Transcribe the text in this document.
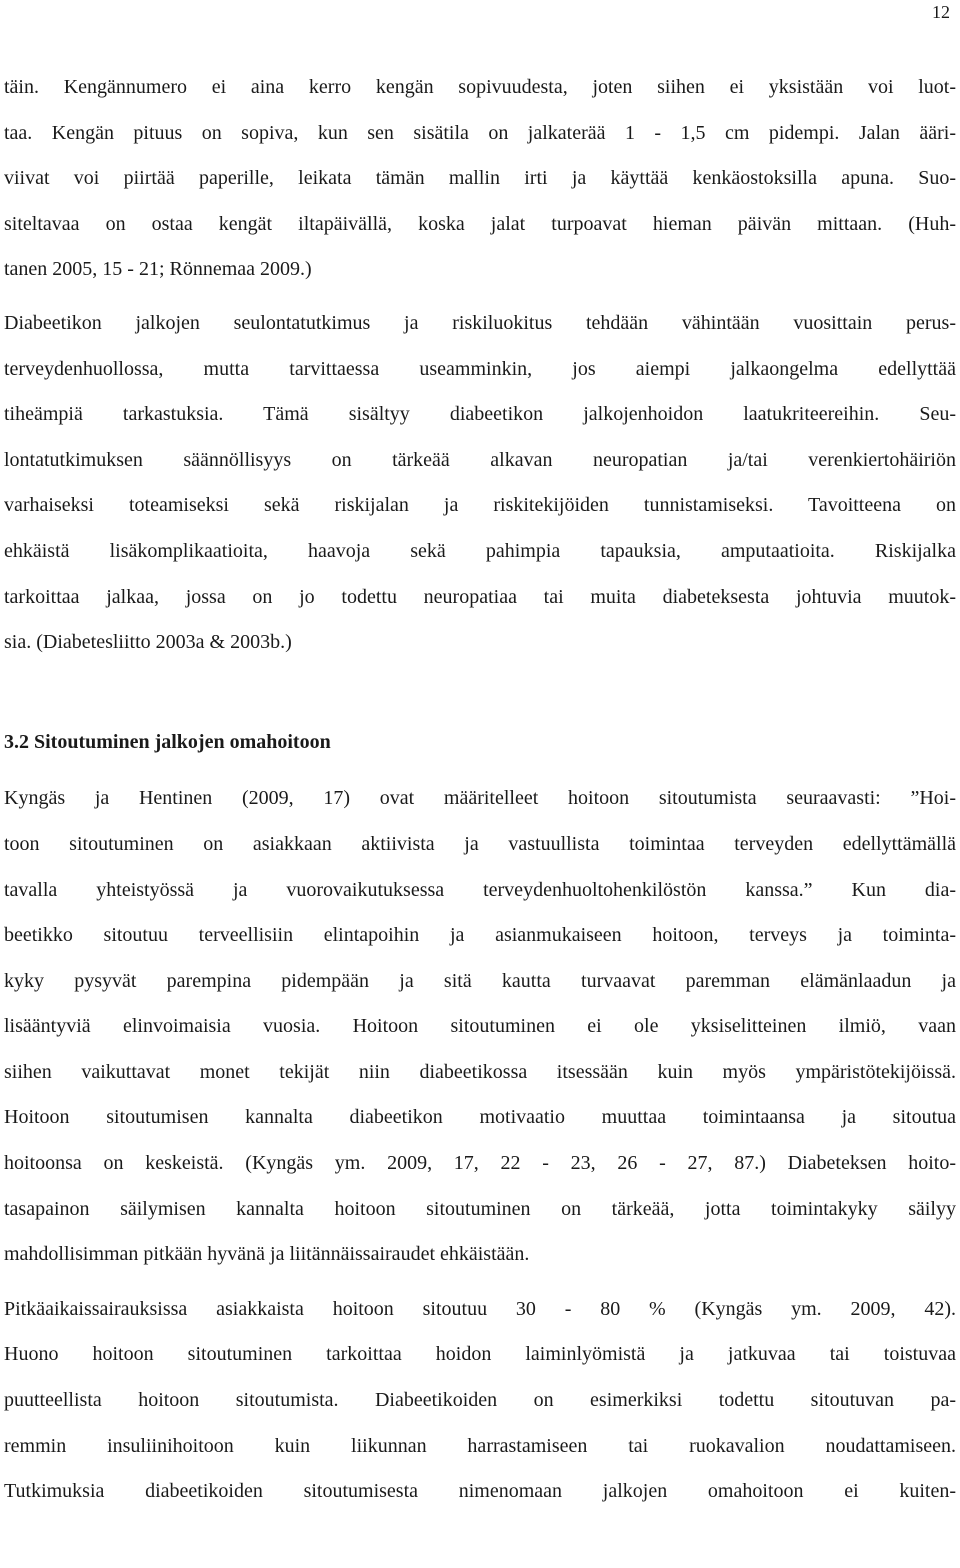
12
täin. Kengännumero ei aina kerro kengän sopivuudesta, joten siihen ei yksistään voi luot-
taa. Kengän pituus on sopiva, kun sen sisätila on jalkaterää 1 - 1,5 cm pidempi. Jalan ääri-
viivat voi piirtää paperille, leikata tämän mallin irti ja käyttää kenkäostoksilla apuna. Suo-
siteltavaa on ostaa kengät iltapäivällä, koska jalat turpoavat hieman päivän mittaan. (Huh-
tanen 2005, 15 - 21; Rönnemaa 2009.)
Diabeetikon jalkojen seulontatutkimus ja riskiluokitus tehdään vähintään vuosittain perus-
terveydenhuollossa, mutta tarvittaessa useamminkin, jos aiempi jalkaongelma edellyttää
tiheämpiä tarkastuksia. Tämä sisältyy diabeetikon jalkojenhoidon laatukriteereihin. Seu-
lontatutkimuksen säännöllisyys on tärkeää alkavan neuropatian ja/tai verenkiertohäiriön
varhaiseksi toteamiseksi sekä riskijalan ja riskitekijöiden tunnistamiseksi. Tavoitteena on
ehkäistä lisäkomplikaatioita, haavoja sekä pahimpia tapauksia, amputaatioita. Riskijalka
tarkoittaa jalkaa, jossa on jo todettu neuropatiaa tai muita diabeteksesta johtuvia muutok-
sia. (Diabetesliitto 2003a & 2003b.)
3.2 Sitoutuminen jalkojen omahoitoon
Kyngäs ja Hentinen (2009, 17) ovat määritelleet hoitoon sitoutumista seuraavasti: ”Hoi-
toon sitoutuminen on asiakkaan aktiivista ja vastuullista toimintaa terveyden edellyttämällä
tavalla yhteistyössä ja vuorovaikutuksessa terveydenhuoltohenkilöstön kanssa.” Kun dia-
beetikko sitoutuu terveellisiin elintapoihin ja asianmukaiseen hoitoon, terveys ja toiminta-
kyky pysyvät parempina pidempään ja sitä kautta turvaavat paremman elämänlaadun ja
lisääntyviä elinvoimaisia vuosia. Hoitoon sitoutuminen ei ole yksiselitteinen ilmiö, vaan
siihen vaikuttavat monet tekijät niin diabeetikossa itsessään kuin myös ympäristötekijöissä.
Hoitoon sitoutumisen kannalta diabeetikon motivaatio muuttaa toimintaansa ja sitoutua
hoitoonsa on keskeistä. (Kyngäs ym. 2009, 17, 22 - 23, 26 - 27, 87.) Diabeteksen hoito-
tasapainon säilymisen kannalta hoitoon sitoutuminen on tärkeää, jotta toimintakyky säilyy
mahdollisimman pitkään hyvänä ja liitännäissairaudet ehkäistään.
Pitkäaikaissairauksissa asiakkaista hoitoon sitoutuu 30 - 80 % (Kyngäs ym. 2009, 42).
Huono hoitoon sitoutuminen tarkoittaa hoidon laiminlyömistä ja jatkuvaa tai toistuvaa
puutteellista hoitoon sitoutumista. Diabeetikoiden on esimerkiksi todettu sitoutuvan pa-
remmin insuliinihoitoon kuin liikunnan harrastamiseen tai ruokavalion noudattamiseen.
Tutkimuksia diabeetikoiden sitoutumisesta nimenomaan jalkojen omahoitoon ei kuiten-
